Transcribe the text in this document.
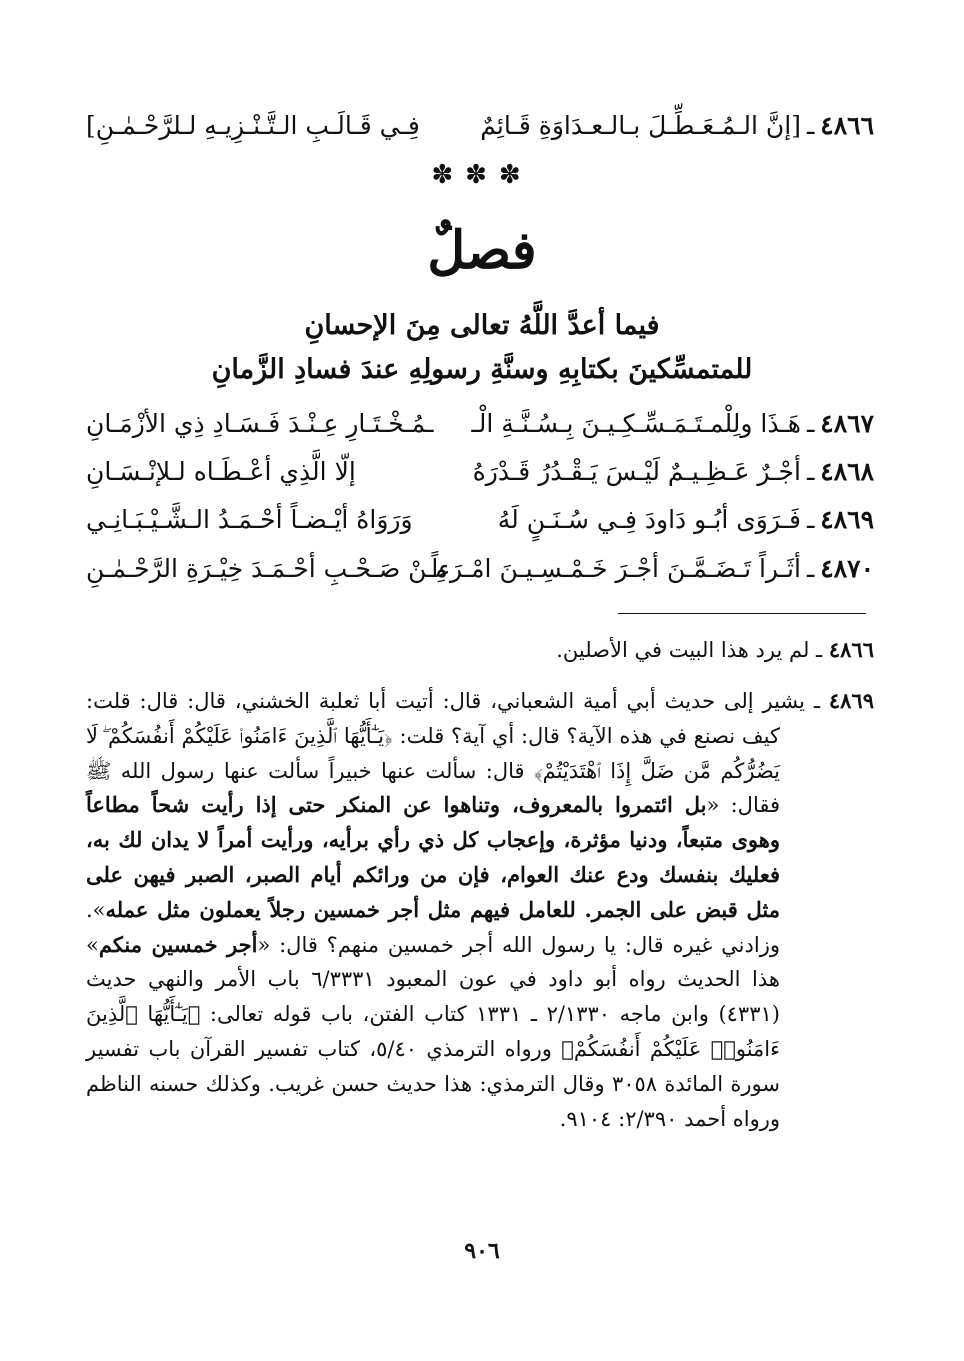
٤٨٦٦
ـ
[إنَّ الـمُـعَـطِّـلَ بـالـعـدَاوَةِ قَـائِمٌ
فِـي قَـالَـبِ الـتَّـنْـزِيـهِ لـلرَّحْـمٰـنِ]
✽✽✽
فصلٌ
فيما أعدَّ اللَّهُ تعالى مِنَ الإحسانِ
للمتمسِّكينَ بكتابِهِ وسنَّةِ رسولِهِ عندَ فسادِ الزَّمانِ
٤٨٦٧
ـ
هَـذَا ولِلْمـتَـمَـسِّـكِـيـنَ بِـسُـنَّـةِ الْـ
ـمُـخْـتَـارِ عِـنْـدَ فَـسَـادِ ذِي الأزْمَـانِ
٤٨٦٨
ـ
أجْـرٌ عَـظِـيـمٌ لَيْـسَ يَـقْـدُرُ قَـدْرَهُ
إلّا الَّذِي أعْـطَـاه لـلإنْـسَـانِ
٤٨٦٩
ـ
فَـرَوَى أبُـو دَاودَ فِـي سُـنَـنٍ لَهُ
وَرَوَاهُ أيْـضـاً أحْـمَـدُ الـشَّـيْـبَـانِـي
٤٨٧٠
ـ
أثَـراً تَـضَـمَّـنَ أجْـرَ خَـمْـسِـيـنَ امْـرَءاً
مِـنْ صَـحْـبِ أحْـمَـدَ خِيْـرَةِ الرَّحْـمٰـنِ
٤٨٦٦ ـ لم يرد هذا البيت في الأصلين.
٤٨٦٩ ـ يشير إلى حديث أبي أمية الشعباني، قال: أتيت أبا ثعلبة الخشني، قال: قال: قلت: كيف نصنع في هذه الآية؟ قال: أي آية؟ قلت: ﴿يَـٰٓأَيُّهَا ٱلَّذِينَ ءَامَنُوا۟ عَلَيْكُمْ أَنفُسَكُمْ ۖ لَا يَضُرُّكُم مَّن ضَلَّ إِذَا ٱهْتَدَيْتُمْ﴾ قال: سألت عنها خبيراً سألت عنها رسول الله ﷺ فقال: «بل ائتمروا بالمعروف، وتناهوا عن المنكر حتى إذا رأيت شحاً مطاعاً وهوى متبعاً، ودنيا مؤثرة، وإعجاب كل ذي رأي برأيه، ورأيت أمراً لا يدان لك به، فعليك بنفسك ودع عنك العوام، فإن من ورائكم أيام الصبر، الصبر فيهن على مثل قبض على الجمر. للعامل فيهم مثل أجر خمسين رجلاً يعملون مثل عمله». وزادني غيره قال: يا رسول الله أجر خمسين منهم؟ قال: «أجر خمسين منكم» هذا الحديث رواه أبو داود في عون المعبود ٦/٣٣٣١ باب الأمر والنهي حديث (٤٣٣١) وابن ماجه ٢/١٣٣٠ ـ ١٣٣١ كتاب الفتن، باب قوله تعالى: ﴿يَـٰٓأَيُّهَا ٱلَّذِينَ ءَامَنُوا۟ عَلَيْكُمْ أَنفُسَكُمْ﴾ ورواه الترمذي ٥/٤٠، كتاب تفسير القرآن باب تفسير سورة المائدة ٣٠٥٨ وقال الترمذي: هذا حديث حسن غريب. وكذلك حسنه الناظم ورواه أحمد ٢/٣٩٠: ٩١٠٤.
٩٠٦
